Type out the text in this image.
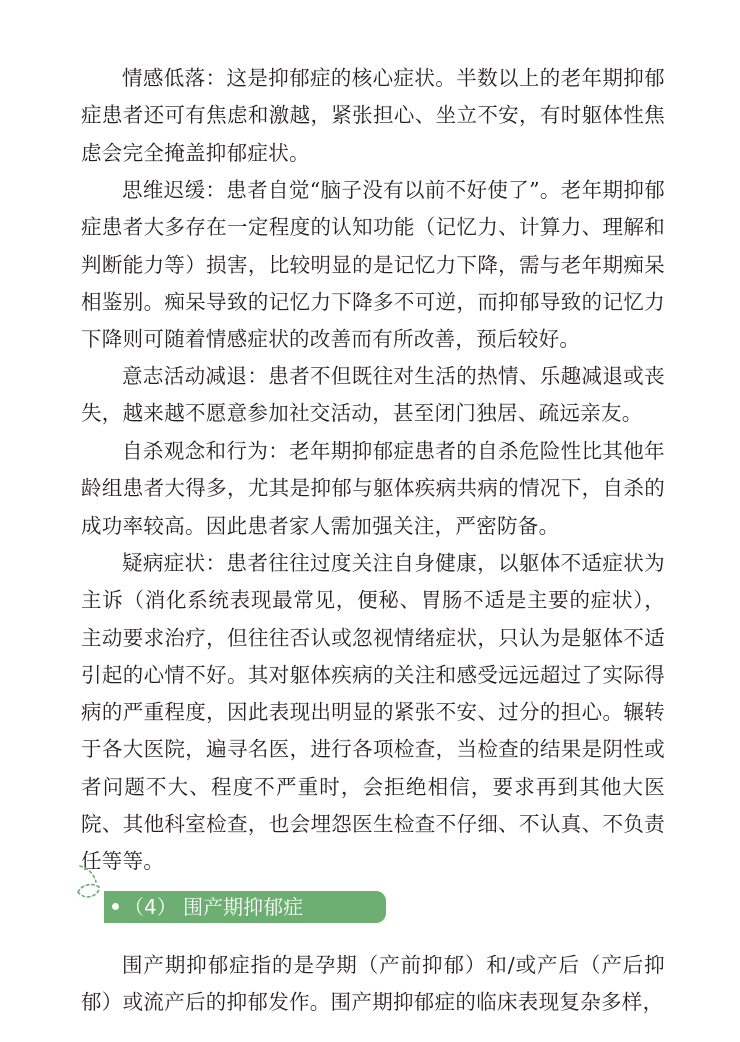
情感低落：这是抑郁症的核心症状。半数以上的老年期抑郁症患者还可有焦虑和激越，紧张担心、坐立不安，有时躯体性焦虑会完全掩盖抑郁症状。

思维迟缓：患者自觉“脑子没有以前不好使了”。老年期抑郁症患者大多存在一定程度的认知功能（记忆力、计算力、理解和判断能力等）损害，比较明显的是记忆力下降，需与老年期痴呆相鉴别。痴呆导致的记忆力下降多不可逆，而抑郁导致的记忆力下降则可随着情感症状的改善而有所改善，预后较好。

意志活动减退：患者不但既往对生活的热情、乐趣减退或丧失，越来越不愿意参加社交活动，甚至闭门独居、疏远亲友。

自杀观念和行为：老年期抑郁症患者的自杀危险性比其他年龄组患者大得多，尤其是抑郁与躯体疾病共病的情况下，自杀的成功率较高。因此患者家人需加强关注，严密防备。

疑病症状：患者往往过度关注自身健康，以躯体不适症状为主诉（消化系统表现最常见，便秘、胃肠不适是主要的症状），主动要求治疗，但往往否认或忽视情绪症状，只认为是躯体不适引起的心情不好。其对躯体疾病的关注和感受远远超过了实际得病的严重程度，因此表现出明显的紧张不安、过分的担心。辗转于各大医院，遍寻名医，进行各项检查，当检查的结果是阴性或者问题不大、程度不严重时，会拒绝相信，要求再到其他大医院、其他科室检查，也会埋怨医生检查不仔细、不认真、不负责任等等。

（4） 围产期抑郁症

围产期抑郁症指的是孕期（产前抑郁）和/或产后（产后抑郁）或流产后的抑郁发作。围产期抑郁症的临床表现复杂多样，
